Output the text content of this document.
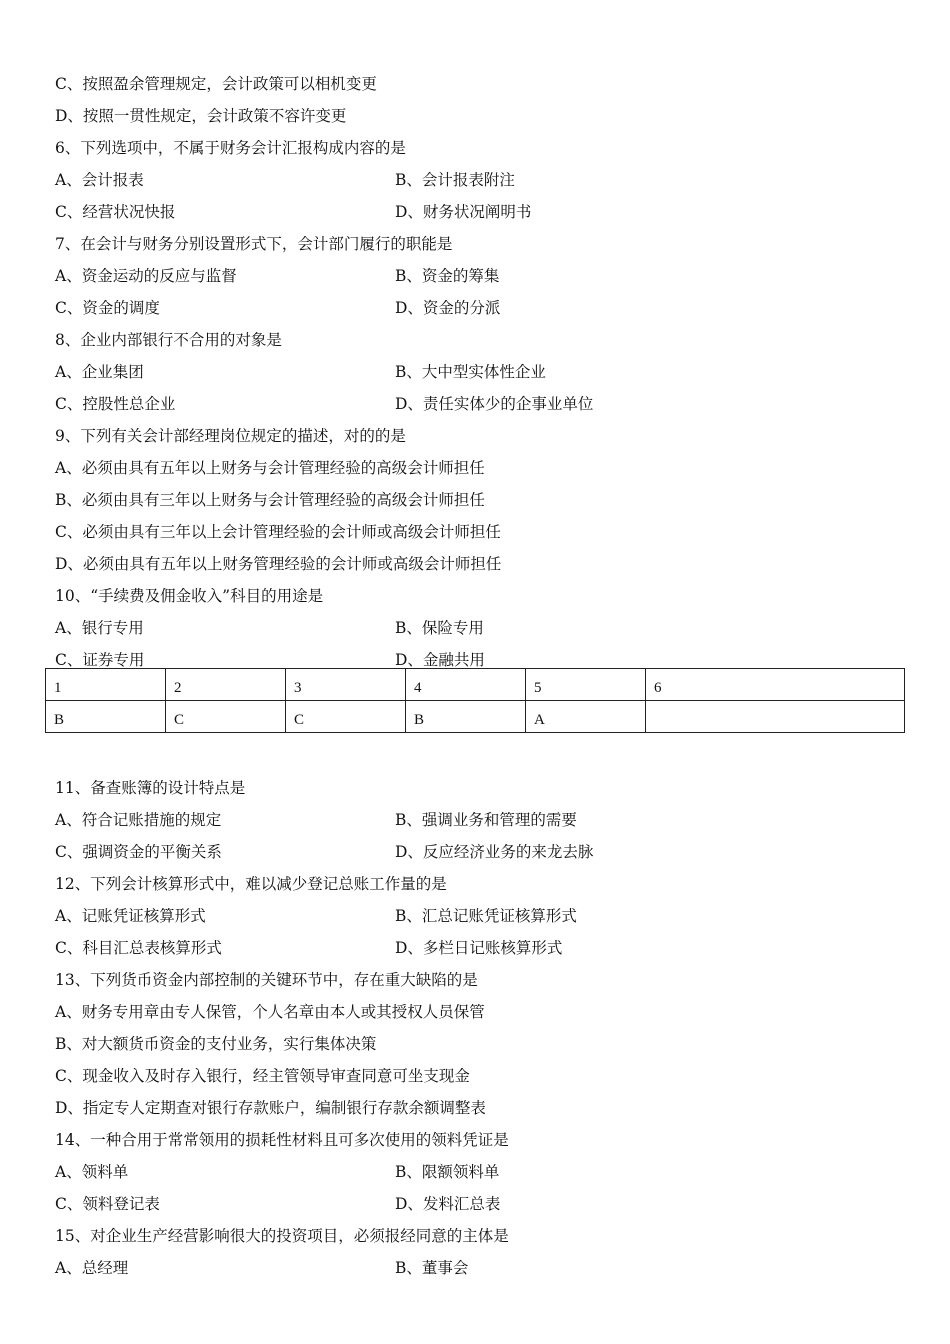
C、按照盈余管理规定，会计政策可以相机变更
D、按照一贯性规定，会计政策不容许变更
6、下列选项中，不属于财务会计汇报构成内容的是
A、会计报表	B、会计报表附注
C、经营状况快报	D、财务状况阐明书
7、在会计与财务分别设置形式下，会计部门履行的职能是
A、资金运动的反应与监督	B、资金的筹集
C、资金的调度	D、资金的分派
8、企业内部银行不合用的对象是
A、企业集团	B、大中型实体性企业
C、控股性总企业	D、责任实体少的企事业单位
9、下列有关会计部经理岗位规定的描述，对的的是
A、必须由具有五年以上财务与会计管理经验的高级会计师担任
B、必须由具有三年以上财务与会计管理经验的高级会计师担任
C、必须由具有三年以上会计管理经验的会计师或高级会计师担任
D、必须由具有五年以上财务管理经验的会计师或高级会计师担任
10、“手续费及佣金收入”科目的用途是
A、银行专用	B、保险专用
C、证券专用	D、金融共用
1	2	3	4	5	6
B	C	C	B	A	
11、备查账簿的设计特点是
A、符合记账措施的规定	B、强调业务和管理的需要
C、强调资金的平衡关系	D、反应经济业务的来龙去脉
12、下列会计核算形式中，难以减少登记总账工作量的是
A、记账凭证核算形式	B、汇总记账凭证核算形式
C、科目汇总表核算形式	D、多栏日记账核算形式
13、下列货币资金内部控制的关键环节中，存在重大缺陷的是
A、财务专用章由专人保管，个人名章由本人或其授权人员保管
B、对大额货币资金的支付业务，实行集体决策
C、现金收入及时存入银行，经主管领导审查同意可坐支现金
D、指定专人定期查对银行存款账户，编制银行存款余额调整表
14、一种合用于常常领用的损耗性材料且可多次使用的领料凭证是
A、领料单	B、限额领料单
C、领料登记表	D、发料汇总表
15、对企业生产经营影响很大的投资项目，必须报经同意的主体是
A、总经理	B、董事会
